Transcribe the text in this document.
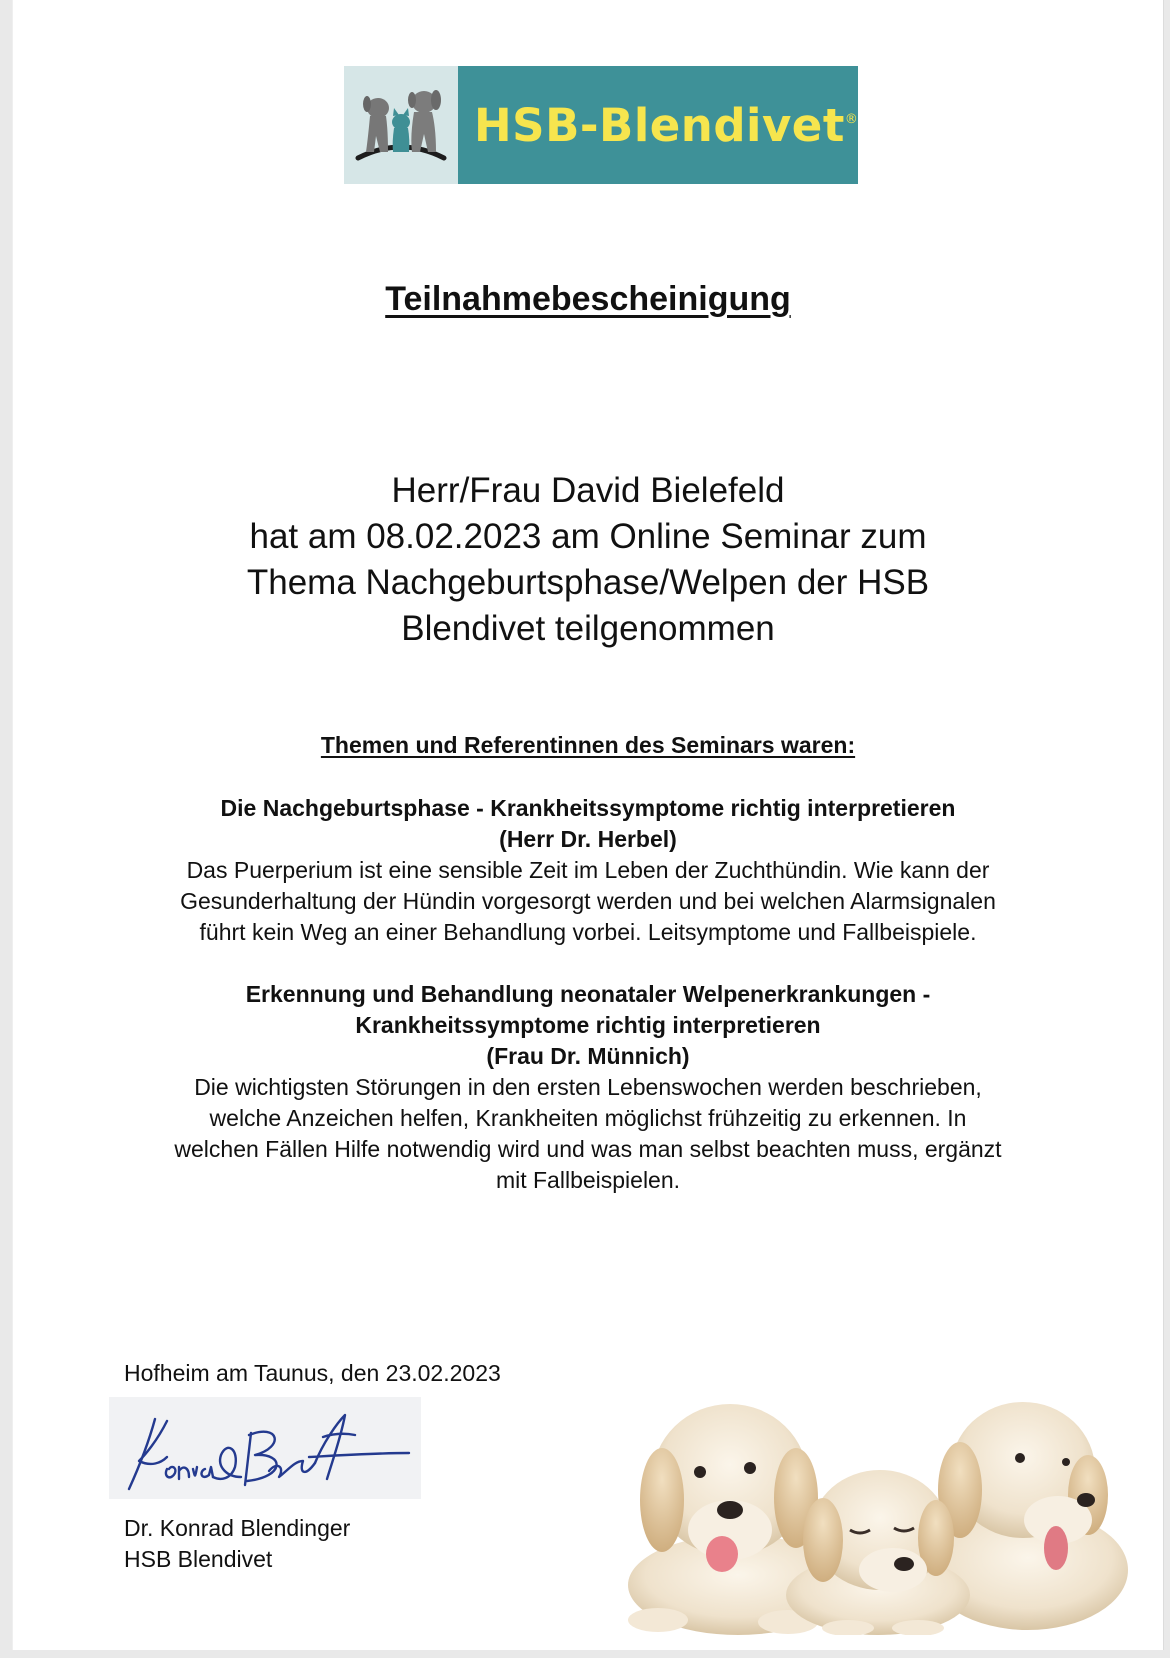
HSB-Blendivet ®
Teilnahmebescheinigung
Herr/Frau David Bielefeld
hat am 08.02.2023 am Online Seminar zum
Thema Nachgeburtsphase/Welpen der HSB
Blendivet teilgenommen
Themen und Referentinnen des Seminars waren:
Die Nachgeburtsphase - Krankheitssymptome richtig interpretieren
(Herr Dr. Herbel)
Das Puerperium ist eine sensible Zeit im Leben der Zuchthündin. Wie kann der
Gesunderhaltung der Hündin vorgesorgt werden und bei welchen Alarmsignalen
führt kein Weg an einer Behandlung vorbei. Leitsymptome und Fallbeispiele.
Erkennung und Behandlung neonataler Welpenerkrankungen -
Krankheitssymptome richtig interpretieren
(Frau Dr. Münnich)
Die wichtigsten Störungen in den ersten Lebenswochen werden beschrieben,
welche Anzeichen helfen, Krankheiten möglichst frühzeitig zu erkennen. In
welchen Fällen Hilfe notwendig wird und was man selbst beachten muss, ergänzt
mit Fallbeispielen.
Hofheim am Taunus, den 23.02.2023
Dr. Konrad Blendinger
HSB Blendivet
